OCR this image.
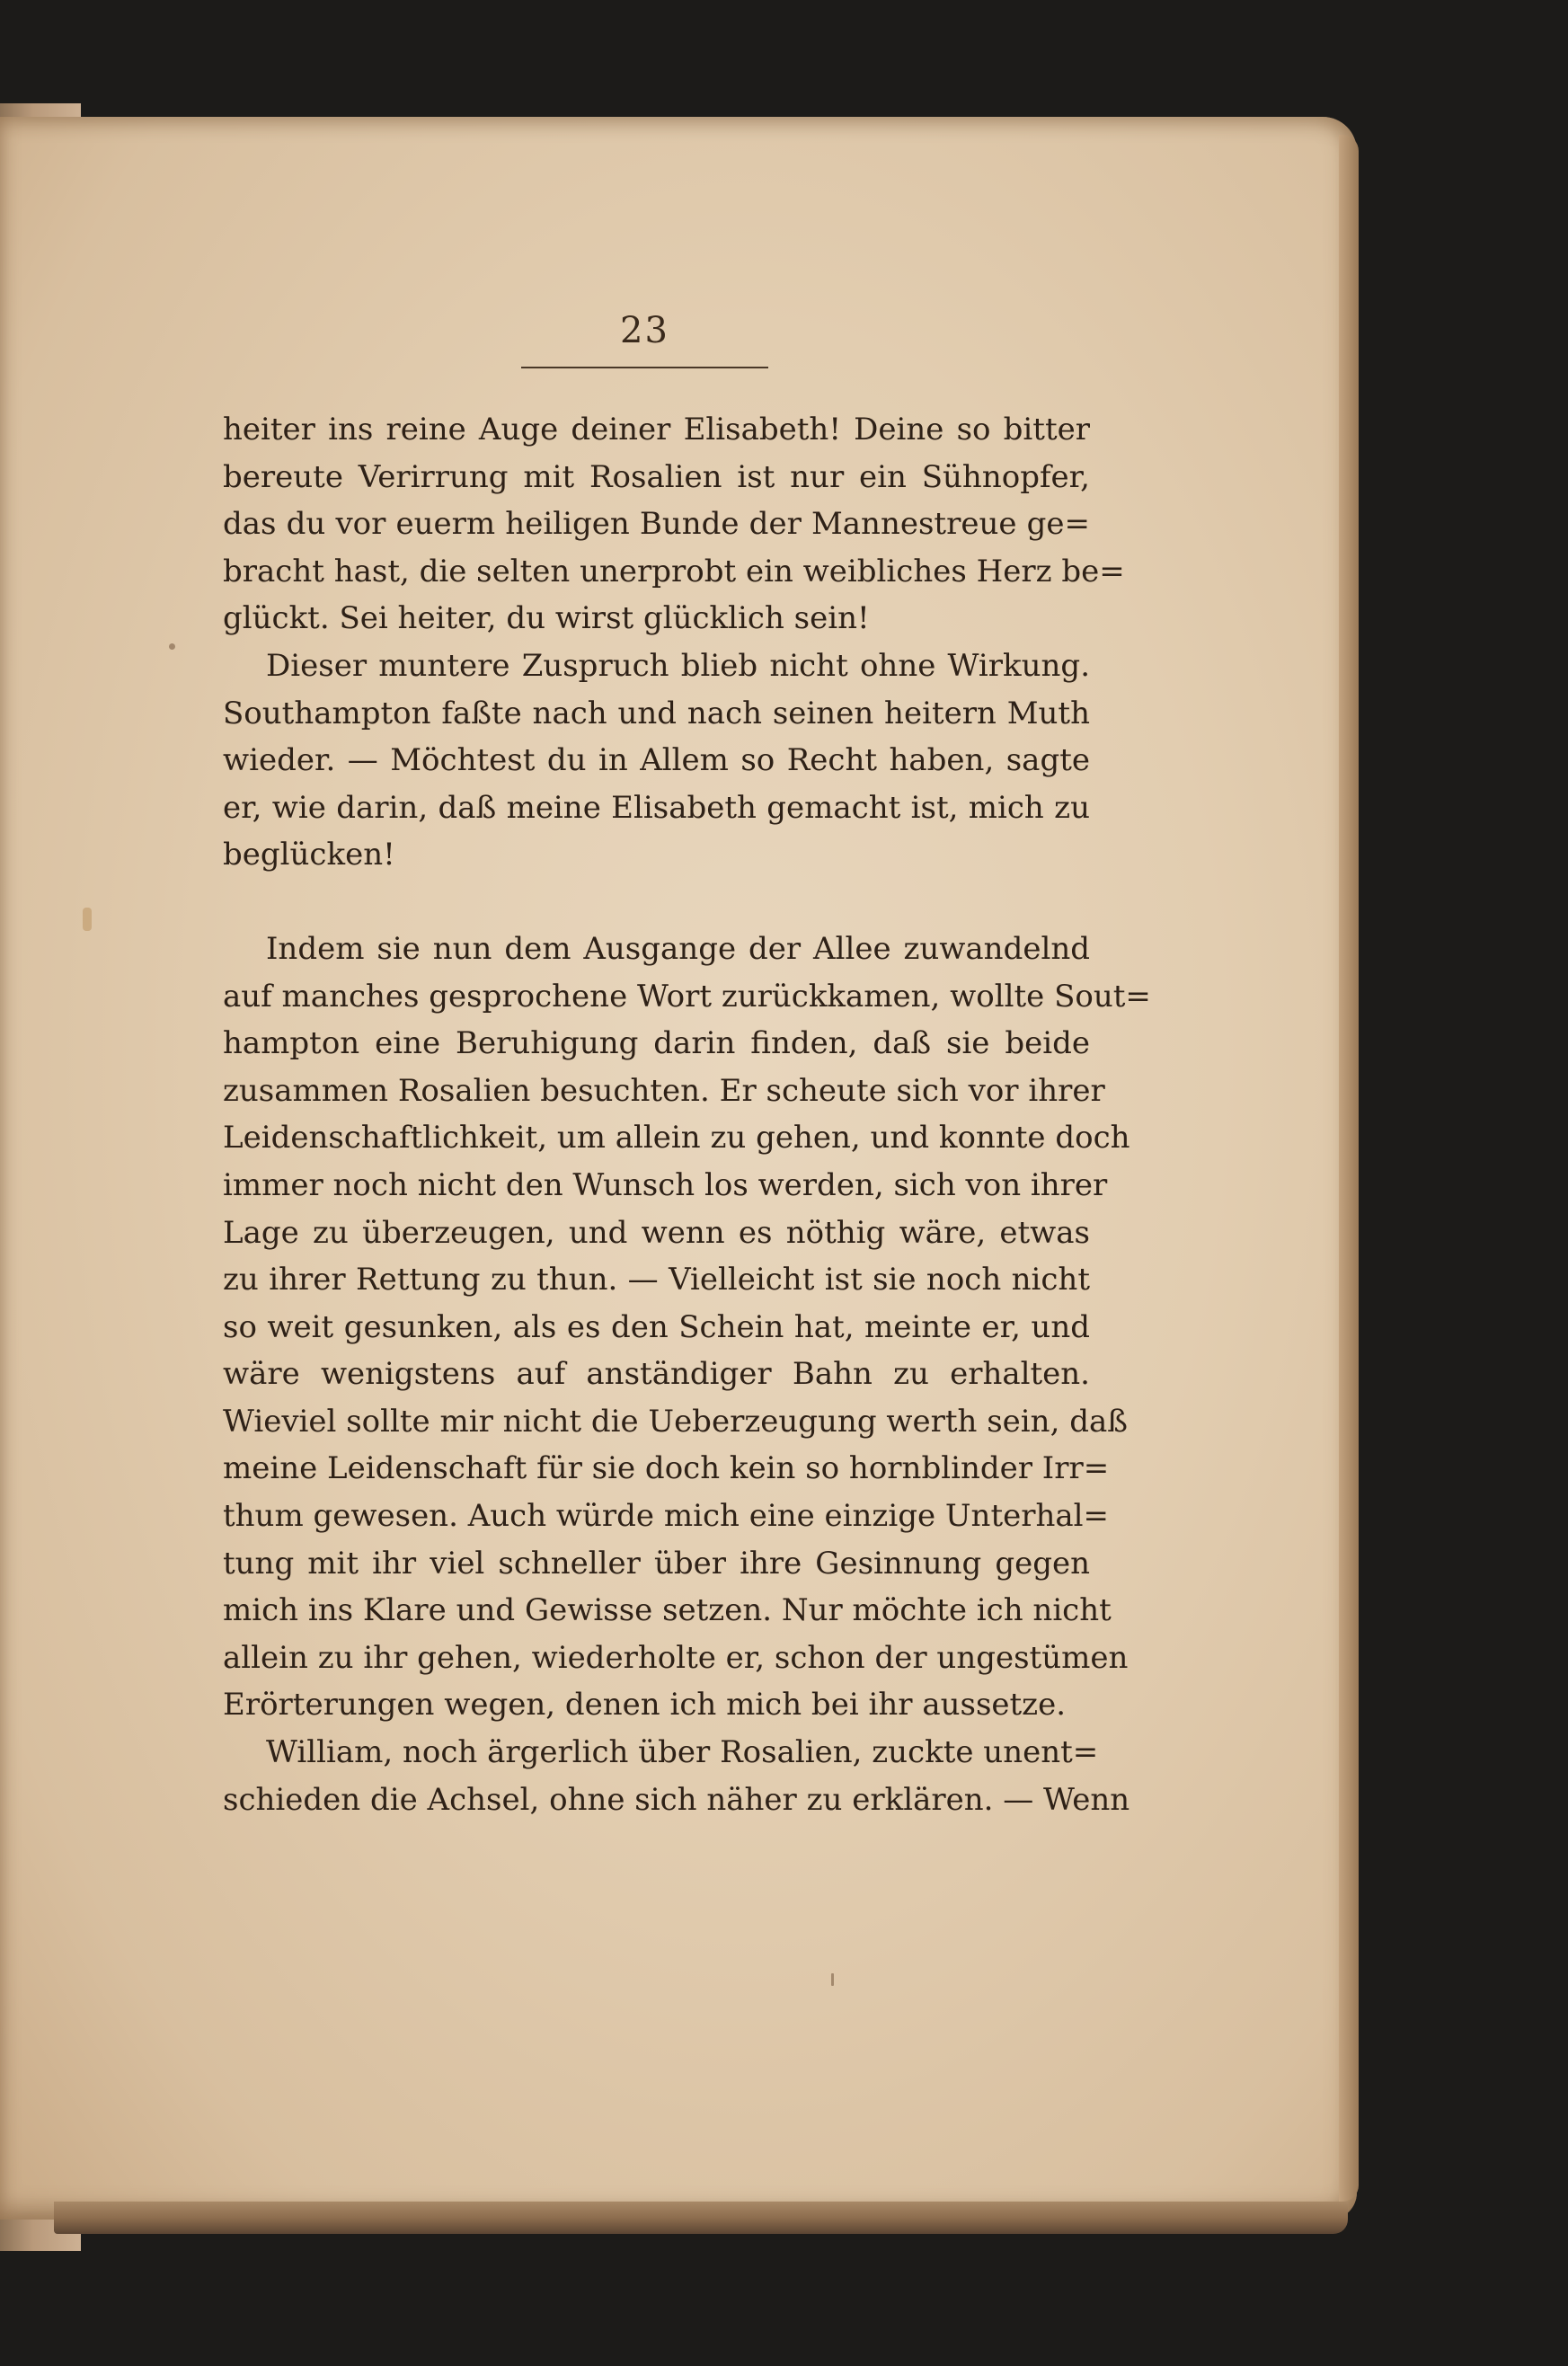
23
heiter ins reine Auge deiner Elisabeth! Deine so bitter
bereute Verirrung mit Rosalien ist nur ein Sühnopfer,
das du vor euerm heiligen Bunde der Mannestreue ge=
bracht hast, die selten unerprobt ein weibliches Herz be=
glückt. Sei heiter, du wirst glücklich sein!
Dieser muntere Zuspruch blieb nicht ohne Wirkung.
Southampton faßte nach und nach seinen heitern Muth
wieder. — Möchtest du in Allem so Recht haben, sagte
er, wie darin, daß meine Elisabeth gemacht ist, mich zu
beglücken!
Indem sie nun dem Ausgange der Allee zuwandelnd
auf manches gesprochene Wort zurückkamen, wollte Sout=
hampton eine Beruhigung darin finden, daß sie beide
zusammen Rosalien besuchten. Er scheute sich vor ihrer
Leidenschaftlichkeit, um allein zu gehen, und konnte doch
immer noch nicht den Wunsch los werden, sich von ihrer
Lage zu überzeugen, und wenn es nöthig wäre, etwas
zu ihrer Rettung zu thun. — Vielleicht ist sie noch nicht
so weit gesunken, als es den Schein hat, meinte er, und
wäre wenigstens auf anständiger Bahn zu erhalten.
Wieviel sollte mir nicht die Ueberzeugung werth sein, daß
meine Leidenschaft für sie doch kein so hornblinder Irr=
thum gewesen. Auch würde mich eine einzige Unterhal=
tung mit ihr viel schneller über ihre Gesinnung gegen
mich ins Klare und Gewisse setzen. Nur möchte ich nicht
allein zu ihr gehen, wiederholte er, schon der ungestümen
Erörterungen wegen, denen ich mich bei ihr aussetze.
William, noch ärgerlich über Rosalien, zuckte unent=
schieden die Achsel, ohne sich näher zu erklären. — Wenn
